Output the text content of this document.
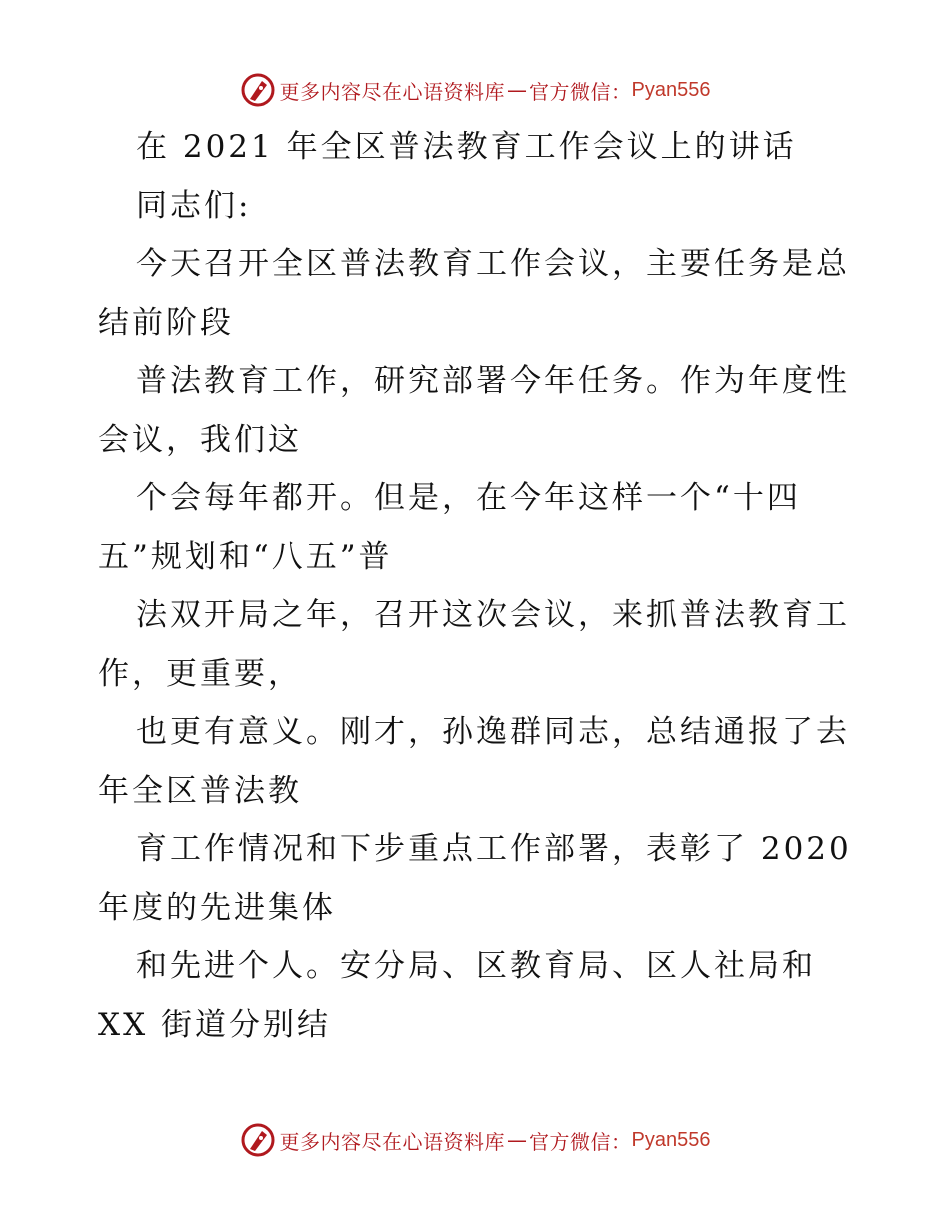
更多内容尽在心语资料库 — 官方微信： Pyan556
在 2021 年全区普法教育工作会议上的讲话
同志们:
今天召开全区普法教育工作会议，主要任务是总
结前阶段
普法教育工作，研究部署今年任务。作为年度性
会议，我们这
个会每年都开。但是，在今年这样一个“十四
五”规划和“八五”普
法双开局之年，召开这次会议，来抓普法教育工
作，更重要，
也更有意义。刚才，孙逸群同志，总结通报了去
年全区普法教
育工作情况和下步重点工作部署，表彰了 2020
年度的先进集体
和先进个人。安分局、区教育局、区人社局和
XX 街道分别结
更多内容尽在心语资料库 — 官方微信： Pyan556
